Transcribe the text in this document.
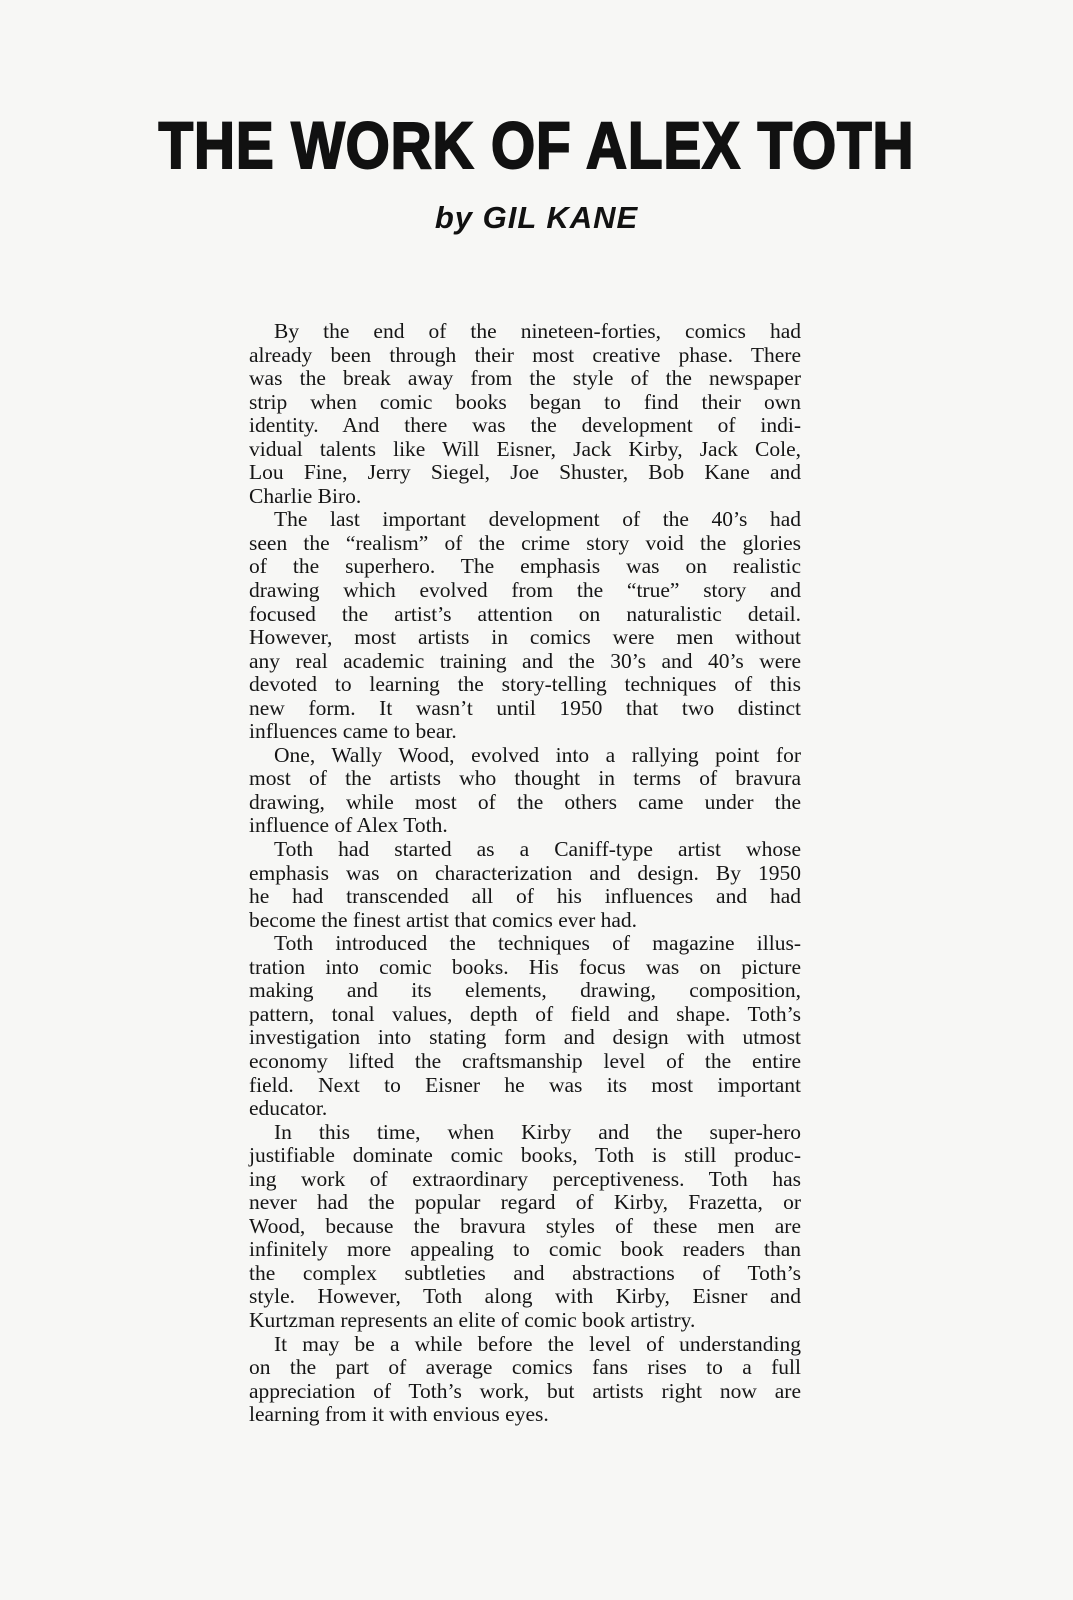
THE WORK OF ALEX TOTH
by GIL KANE
By the end of the nineteen-forties, comics had
already been through their most creative phase. There
was the break away from the style of the newspaper
strip when comic books began to find their own
identity. And there was the development of indi-
vidual talents like Will Eisner, Jack Kirby, Jack Cole,
Lou Fine, Jerry Siegel, Joe Shuster, Bob Kane and
Charlie Biro.
The last important development of the 40’s had
seen the “realism” of the crime story void the glories
of the superhero. The emphasis was on realistic
drawing which evolved from the “true” story and
focused the artist’s attention on naturalistic detail.
However, most artists in comics were men without
any real academic training and the 30’s and 40’s were
devoted to learning the story-telling techniques of this
new form. It wasn’t until 1950 that two distinct
influences came to bear.
One, Wally Wood, evolved into a rallying point for
most of the artists who thought in terms of bravura
drawing, while most of the others came under the
influence of Alex Toth.
Toth had started as a Caniff-type artist whose
emphasis was on characterization and design. By 1950
he had transcended all of his influences and had
become the finest artist that comics ever had.
Toth introduced the techniques of magazine illus-
tration into comic books. His focus was on picture
making and its elements, drawing, composition,
pattern, tonal values, depth of field and shape. Toth’s
investigation into stating form and design with utmost
economy lifted the craftsmanship level of the entire
field. Next to Eisner he was its most important
educator.
In this time, when Kirby and the super-hero
justifiable dominate comic books, Toth is still produc-
ing work of extraordinary perceptiveness. Toth has
never had the popular regard of Kirby, Frazetta, or
Wood, because the bravura styles of these men are
infinitely more appealing to comic book readers than
the complex subtleties and abstractions of Toth’s
style. However, Toth along with Kirby, Eisner and
Kurtzman represents an elite of comic book artistry.
It may be a while before the level of understanding
on the part of average comics fans rises to a full
appreciation of Toth’s work, but artists right now are
learning from it with envious eyes.
